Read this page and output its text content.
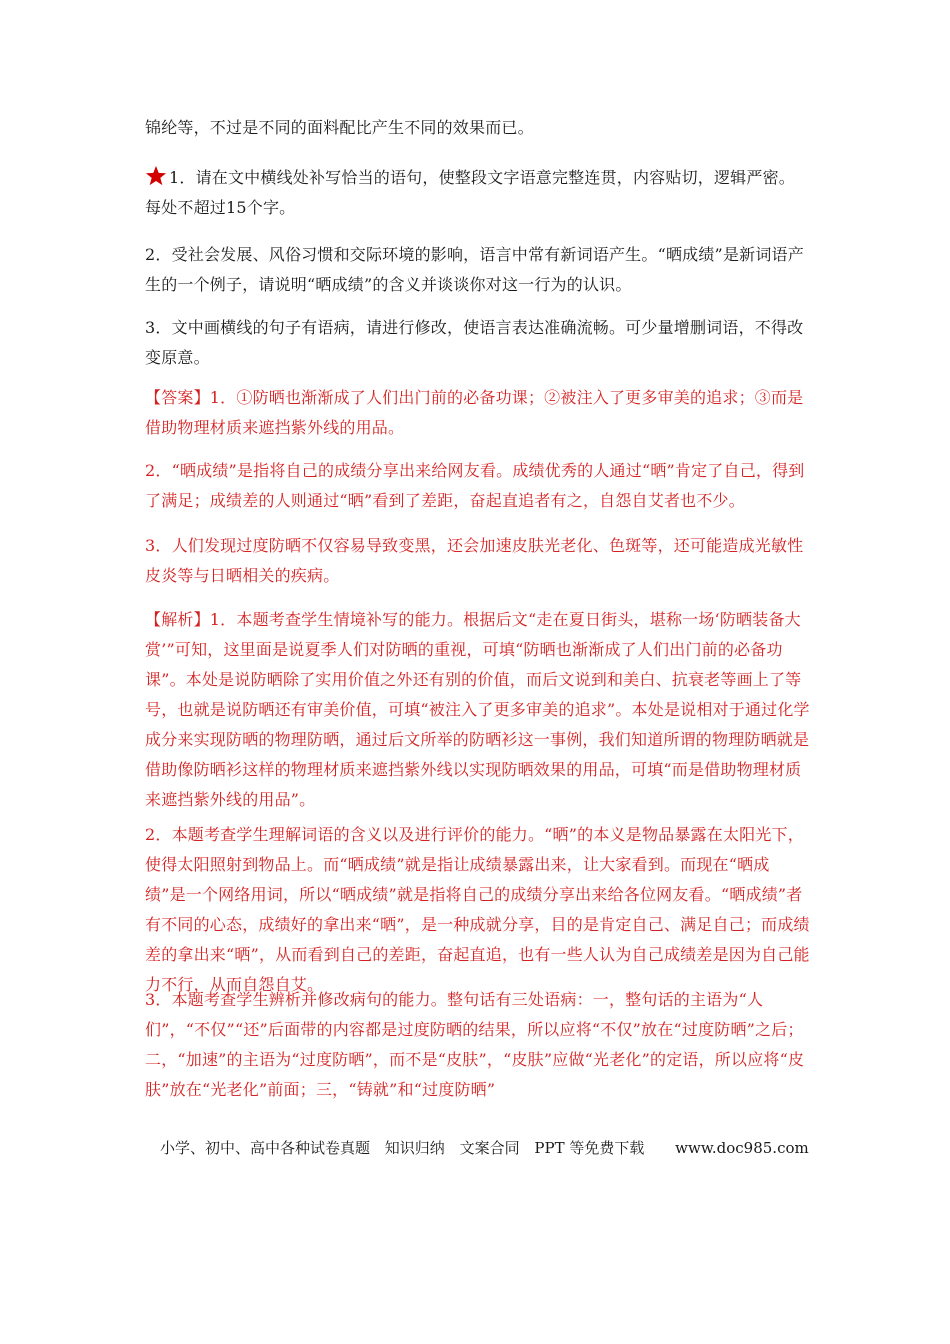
锦纶等，不过是不同的面料配比产生不同的效果而已。

1．请在文中横线处补写恰当的语句，使整段文字语意完整连贯，内容贴切，逻辑严密。每处不超过15个字。

2．受社会发展、风俗习惯和交际环境的影响，语言中常有新词语产生。“晒成绩”是新词语产生的一个例子，请说明“晒成绩”的含义并谈谈你对这一行为的认识。

3．文中画横线的句子有语病，请进行修改，使语言表达准确流畅。可少量增删词语，不得改变原意。

【答案】1．①防晒也渐渐成了人们出门前的必备功课；②被注入了更多审美的追求；③而是借助物理材质来遮挡紫外线的用品。

2．“晒成绩”是指将自己的成绩分享出来给网友看。成绩优秀的人通过“晒”肯定了自己，得到了满足；成绩差的人则通过“晒”看到了差距，奋起直追者有之，自怨自艾者也不少。

3．人们发现过度防晒不仅容易导致变黑，还会加速皮肤光老化、色斑等，还可能造成光敏性皮炎等与日晒相关的疾病。

【解析】1．本题考查学生情境补写的能力。根据后文“走在夏日街头，堪称一场‘防晒装备大赏’”可知，这里面是说夏季人们对防晒的重视，可填“防晒也渐渐成了人们出门前的必备功课”。本处是说防晒除了实用价值之外还有别的价值，而后文说到和美白、抗衰老等画上了等号，也就是说防晒还有审美价值，可填“被注入了更多审美的追求”。本处是说相对于通过化学成分来实现防晒的物理防晒，通过后文所举的防晒衫这一事例，我们知道所谓的物理防晒就是借助像防晒衫这样的物理材质来遮挡紫外线以实现防晒效果的用品，可填“而是借助物理材质来遮挡紫外线的用品”。

2．本题考查学生理解词语的含义以及进行评价的能力。“晒”的本义是物品暴露在太阳光下，使得太阳照射到物品上。而“晒成绩”就是指让成绩暴露出来，让大家看到。而现在“晒成绩”是一个网络用词，所以“晒成绩”就是指将自己的成绩分享出来给各位网友看。“晒成绩”者有不同的心态，成绩好的拿出来“晒”，是一种成就分享，目的是肯定自己、满足自己；而成绩差的拿出来“晒”，从而看到自己的差距，奋起直追，也有一些人认为自己成绩差是因为自己能力不行，从而自怨自艾。

3．本题考查学生辨析并修改病句的能力。整句话有三处语病：一，整句话的主语为“人们”，“不仅”“还”后面带的内容都是过度防晒的结果，所以应将“不仅”放在“过度防晒”之后；二，“加速”的主语为“过度防晒”，而不是“皮肤”，“皮肤”应做“光老化”的定语，所以应将“皮肤”放在“光老化”前面；三，“铸就”和“过度防晒”

小学、初中、高中各种试卷真题 知识归纳 文案合同 PPT 等免费下载 www.doc985.com
